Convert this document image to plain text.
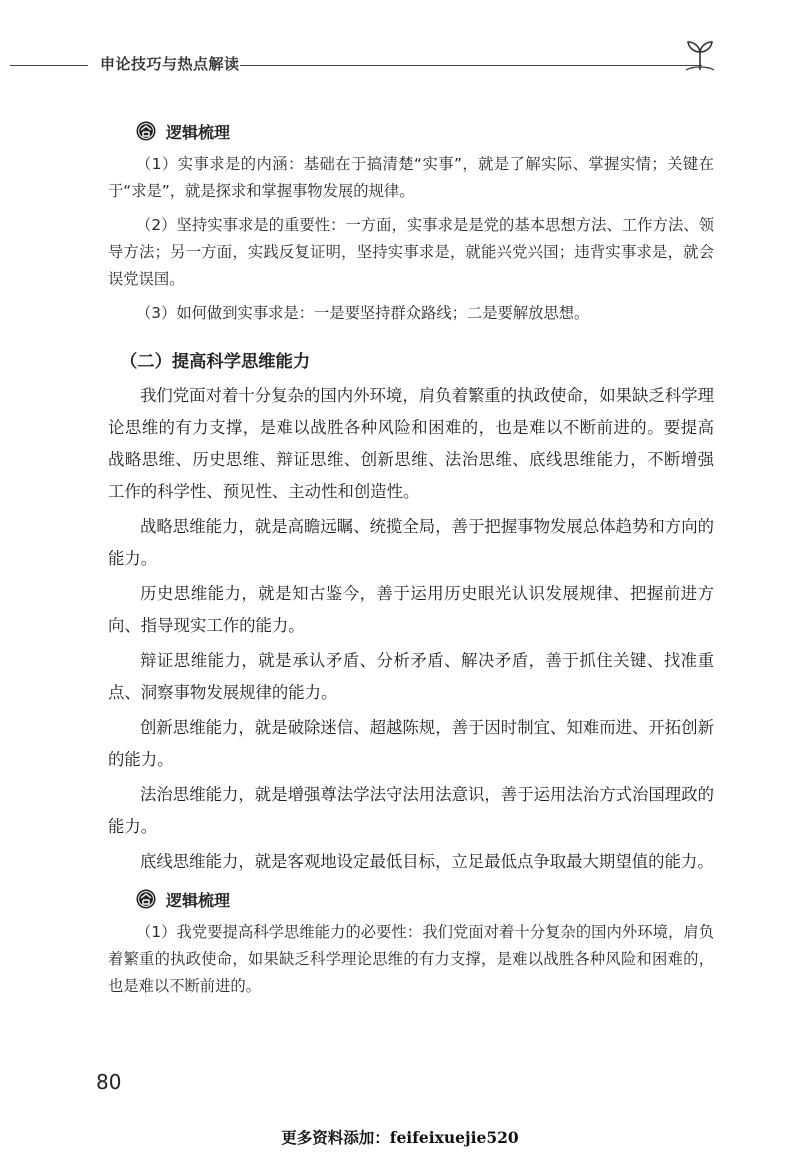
申论技巧与热点解读
逻辑梳理

（1）实事求是的内涵：基础在于搞清楚“实事”，就是了解实际、掌握实情；关键在于“求是”，就是探求和掌握事物发展的规律。

（2）坚持实事求是的重要性：一方面，实事求是是党的基本思想方法、工作方法、领导方法；另一方面，实践反复证明，坚持实事求是，就能兴党兴国；违背实事求是，就会误党误国。

（3）如何做到实事求是：一是要坚持群众路线；二是要解放思想。

（二）提高科学思维能力

我们党面对着十分复杂的国内外环境，肩负着繁重的执政使命，如果缺乏科学理论思维的有力支撑，是难以战胜各种风险和困难的，也是难以不断前进的。要提高战略思维、历史思维、辩证思维、创新思维、法治思维、底线思维能力，不断增强工作的科学性、预见性、主动性和创造性。

战略思维能力，就是高瞻远瞩、统揽全局，善于把握事物发展总体趋势和方向的能力。

历史思维能力，就是知古鉴今，善于运用历史眼光认识发展规律、把握前进方向、指导现实工作的能力。

辩证思维能力，就是承认矛盾、分析矛盾、解决矛盾，善于抓住关键、找准重点、洞察事物发展规律的能力。

创新思维能力，就是破除迷信、超越陈规，善于因时制宜、知难而进、开拓创新的能力。

法治思维能力，就是增强尊法学法守法用法意识，善于运用法治方式治国理政的能力。

底线思维能力，就是客观地设定最低目标，立足最低点争取最大期望值的能力。

逻辑梳理

（1）我党要提高科学思维能力的必要性：我们党面对着十分复杂的国内外环境，肩负着繁重的执政使命，如果缺乏科学理论思维的有力支撑，是难以战胜各种风险和困难的，也是难以不断前进的。

80
更多资料添加：feifeixuejie520
